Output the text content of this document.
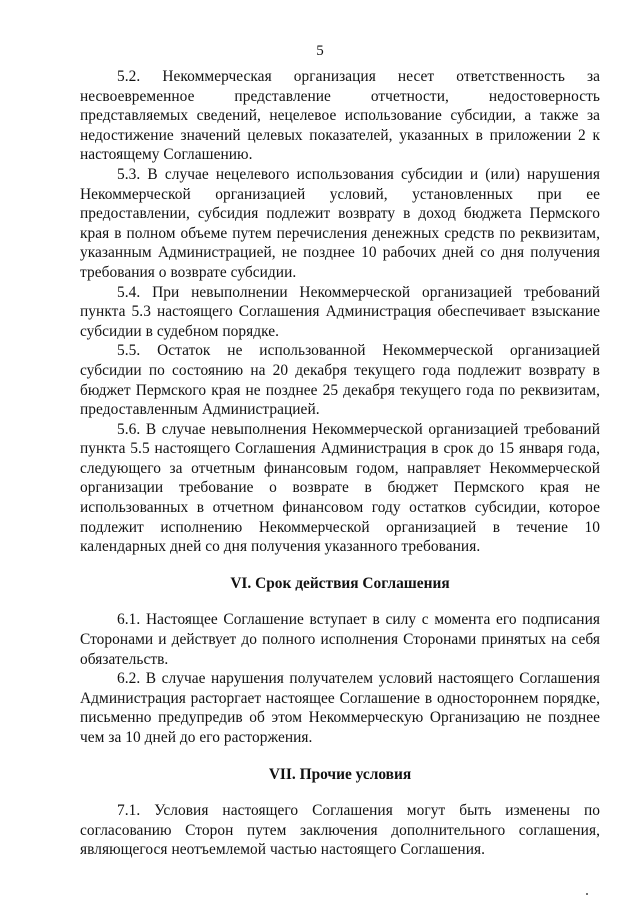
5

5.2. Некоммерческая организация несет ответственность за несвоевременное представление отчетности, недостоверность представляемых сведений, нецелевое использование субсидии, а также за недостижение значений целевых показателей, указанных в приложении 2 к настоящему Соглашению.

5.3. В случае нецелевого использования субсидии и (или) нарушения Некоммерческой организацией условий, установленных при ее предоставлении, субсидия подлежит возврату в доход бюджета Пермского края в полном объеме путем перечисления денежных средств по реквизитам, указанным Администрацией, не позднее 10 рабочих дней со дня получения требования о возврате субсидии.

5.4. При невыполнении Некоммерческой организацией требований пункта 5.3 настоящего Соглашения Администрация обеспечивает взыскание субсидии в судебном порядке.

5.5. Остаток не использованной Некоммерческой организацией субсидии по состоянию на 20 декабря текущего года подлежит возврату в бюджет Пермского края не позднее 25 декабря текущего года по реквизитам, предоставленным Администрацией.

5.6. В случае невыполнения Некоммерческой организацией требований пункта 5.5 настоящего Соглашения Администрация в срок до 15 января года, следующего за отчетным финансовым годом, направляет Некоммерческой организации требование о возврате в бюджет Пермского края не использованных в отчетном финансовом году остатков субсидии, которое подлежит исполнению Некоммерческой организацией в течение 10 календарных дней со дня получения указанного требования.

VI. Срок действия Соглашения

6.1. Настоящее Соглашение вступает в силу с момента его подписания Сторонами и действует до полного исполнения Сторонами принятых на себя обязательств.

6.2. В случае нарушения получателем условий настоящего Соглашения Администрация расторгает настоящее Соглашение в одностороннем порядке, письменно предупредив об этом Некоммерческую Организацию не позднее чем за 10 дней до его расторжения.

VII. Прочие условия

7.1. Условия настоящего Соглашения могут быть изменены по согласованию Сторон путем заключения дополнительного соглашения, являющегося неотъемлемой частью настоящего Соглашения.
